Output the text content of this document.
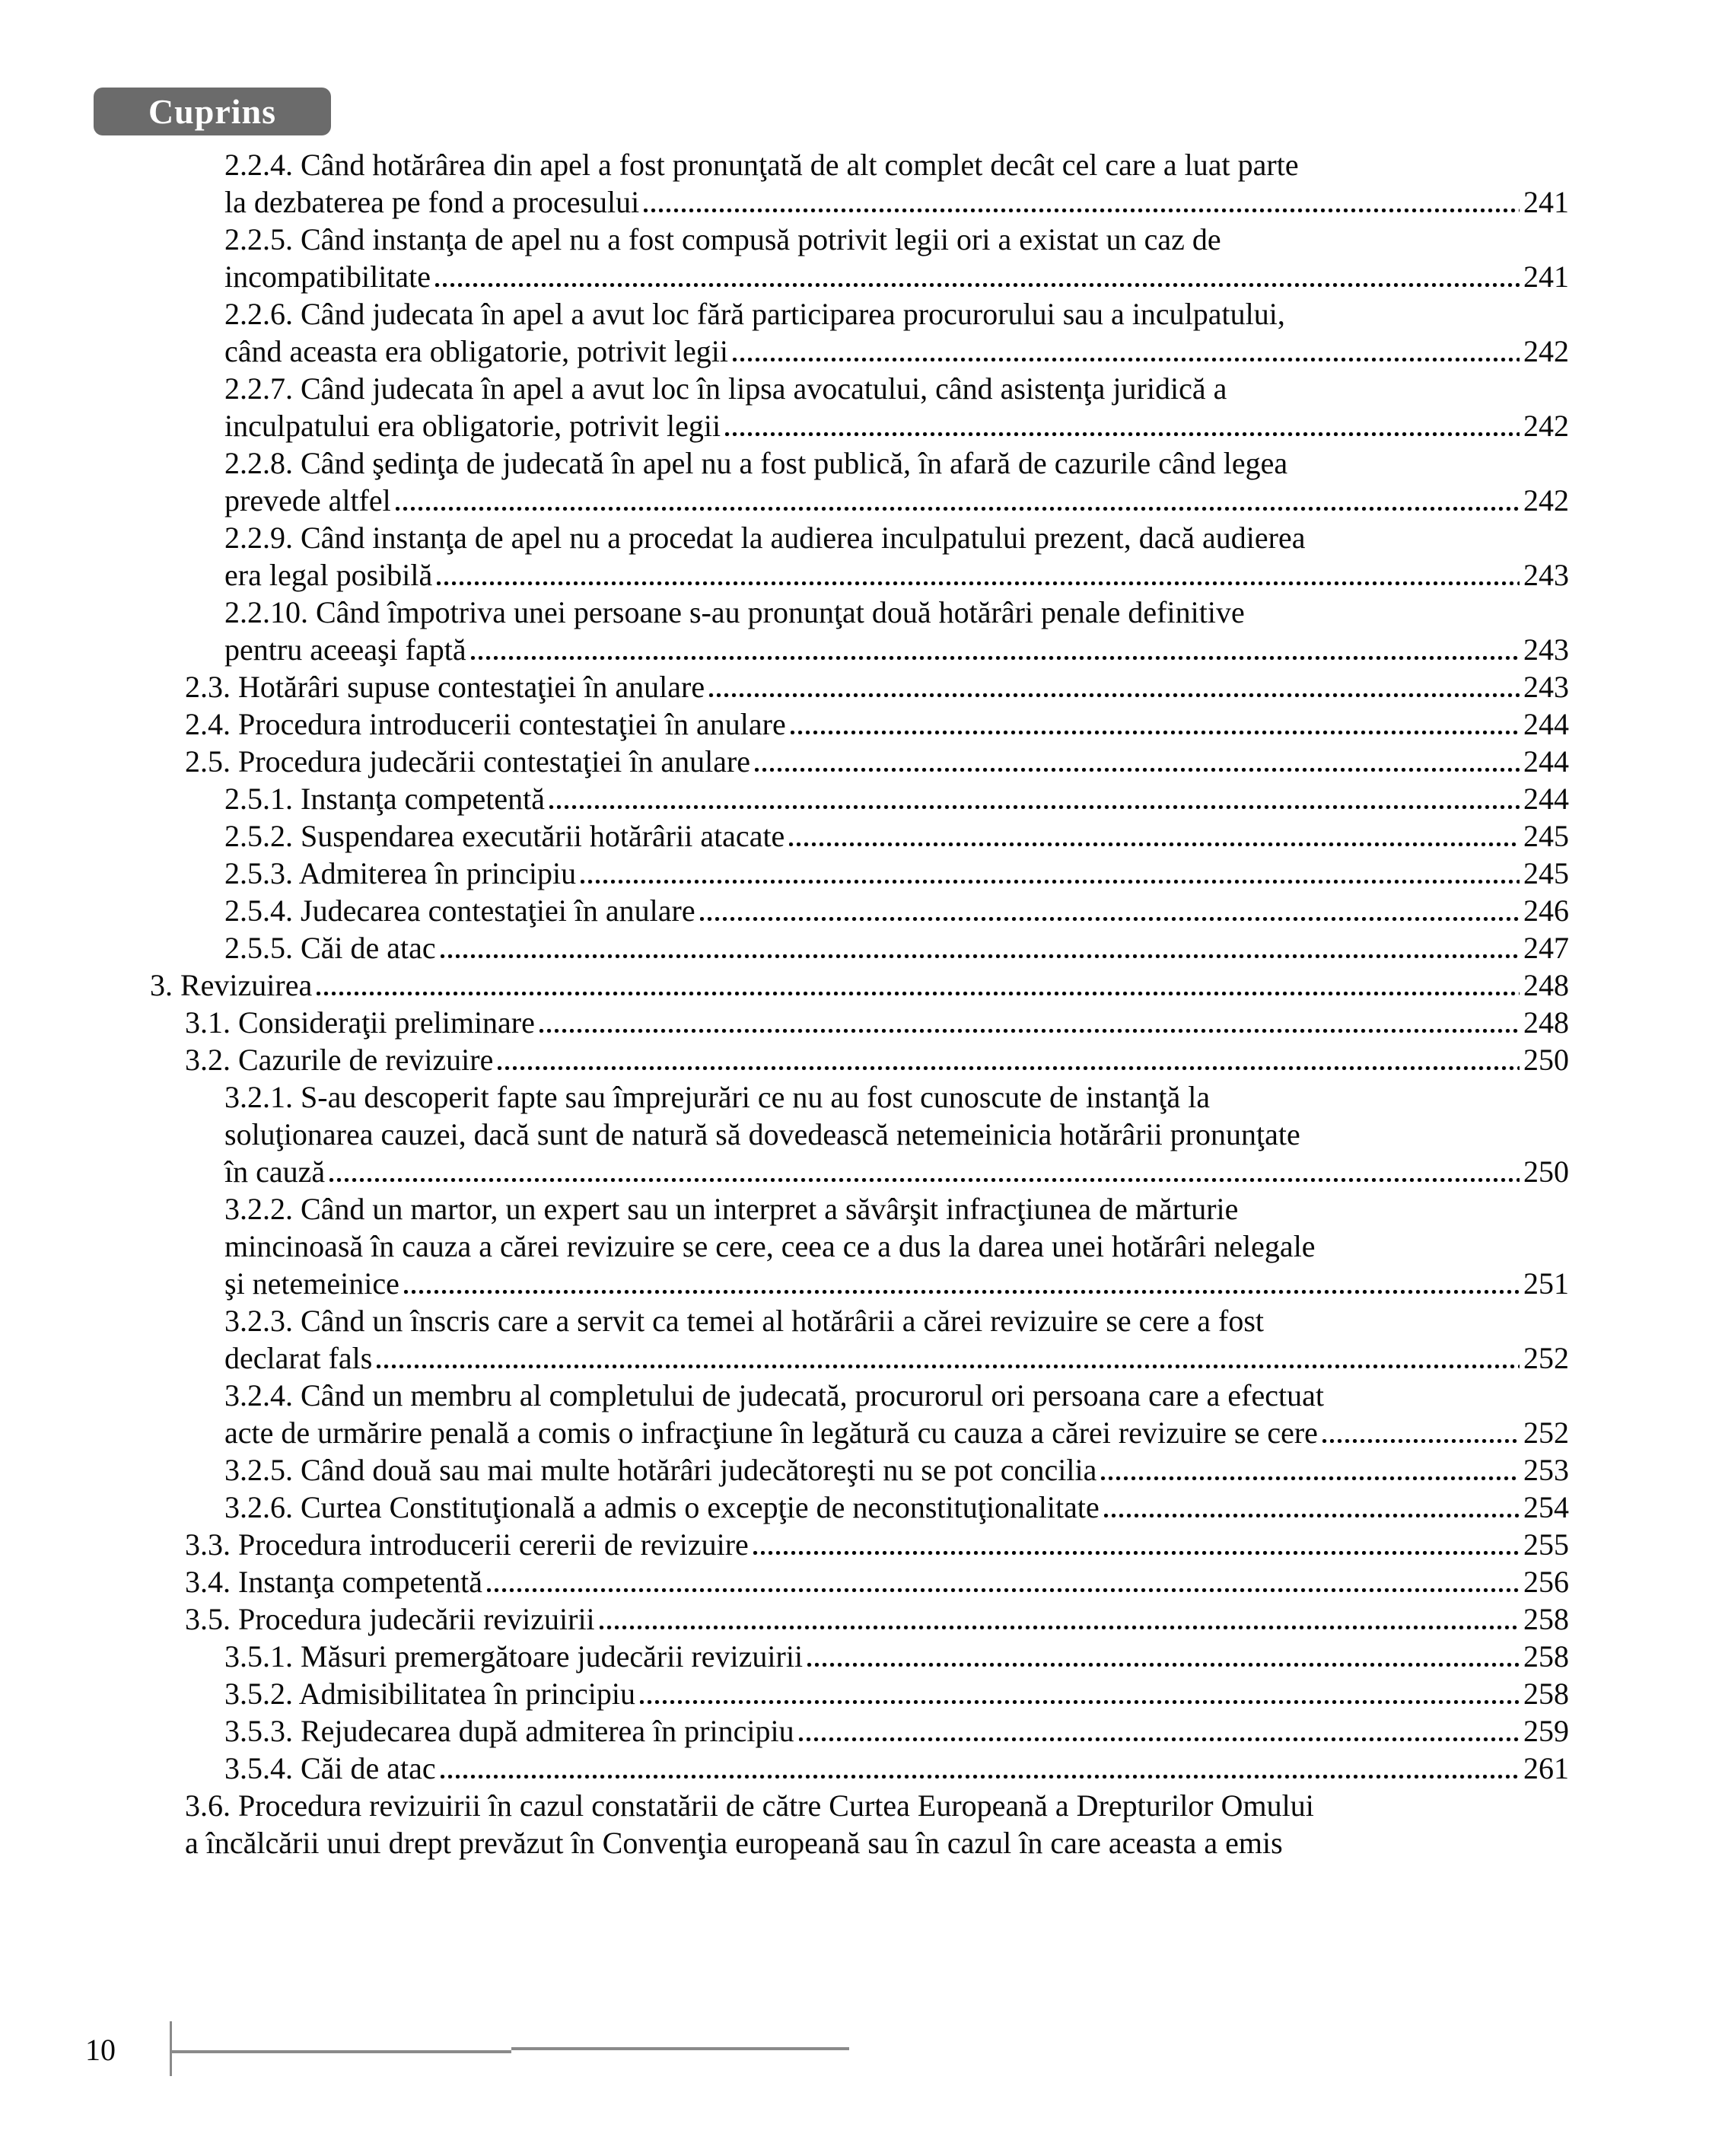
Cuprins
2.2.4. Când hotărârea din apel a fost pronunţată de alt complet decât cel care a luat parte
la dezbaterea pe fond a procesului	241
2.2.5. Când instanţa de apel nu a fost compusă potrivit legii ori a existat un caz de
incompatibilitate	241
2.2.6. Când judecata în apel a avut loc fără participarea procurorului sau a inculpatului,
când aceasta era obligatorie, potrivit legii	242
2.2.7. Când judecata în apel a avut loc în lipsa avocatului, când asistenţa juridică a
inculpatului era obligatorie, potrivit legii	242
2.2.8. Când şedinţa de judecată în apel nu a fost publică, în afară de cazurile când legea
prevede altfel	242
2.2.9. Când instanţa de apel nu a procedat la audierea inculpatului prezent, dacă audierea
era legal posibilă	243
2.2.10. Când împotriva unei persoane s-au pronunţat două hotărâri penale definitive
pentru aceeaşi faptă	243
2.3. Hotărâri supuse contestaţiei în anulare	243
2.4. Procedura introducerii contestaţiei în anulare	244
2.5. Procedura judecării contestaţiei în anulare	244
2.5.1. Instanţa competentă	244
2.5.2. Suspendarea executării hotărârii atacate	245
2.5.3. Admiterea în principiu	245
2.5.4. Judecarea contestaţiei în anulare	246
2.5.5. Căi de atac	247
3. Revizuirea	248
3.1. Consideraţii preliminare	248
3.2. Cazurile de revizuire	250
3.2.1. S-au descoperit fapte sau împrejurări ce nu au fost cunoscute de instanţă la
soluţionarea cauzei, dacă sunt de natură să dovedească netemeinicia hotărârii pronunţate
în cauză	250
3.2.2. Când un martor, un expert sau un interpret a săvârşit infracţiunea de mărturie
mincinoasă în cauza a cărei revizuire se cere, ceea ce a dus la darea unei hotărâri nelegale
şi netemeinice	251
3.2.3. Când un înscris care a servit ca temei al hotărârii a cărei revizuire se cere a fost
declarat fals	252
3.2.4. Când un membru al completului de judecată, procurorul ori persoana care a efectuat
acte de urmărire penală a comis o infracţiune în legătură cu cauza a cărei revizuire se cere	252
3.2.5. Când două sau mai multe hotărâri judecătoreşti nu se pot concilia	253
3.2.6. Curtea Constituţională a admis o excepţie de neconstituţionalitate	254
3.3. Procedura introducerii cererii de revizuire	255
3.4. Instanţa competentă	256
3.5. Procedura judecării revizuirii	258
3.5.1. Măsuri premergătoare judecării revizuirii	258
3.5.2. Admisibilitatea în principiu	258
3.5.3. Rejudecarea după admiterea în principiu	259
3.5.4. Căi de atac	261
3.6. Procedura revizuirii în cazul constatării de către Curtea Europeană a Drepturilor Omului
a încălcării unui drept prevăzut în Convenţia europeană sau în cazul în care aceasta a emis
10
